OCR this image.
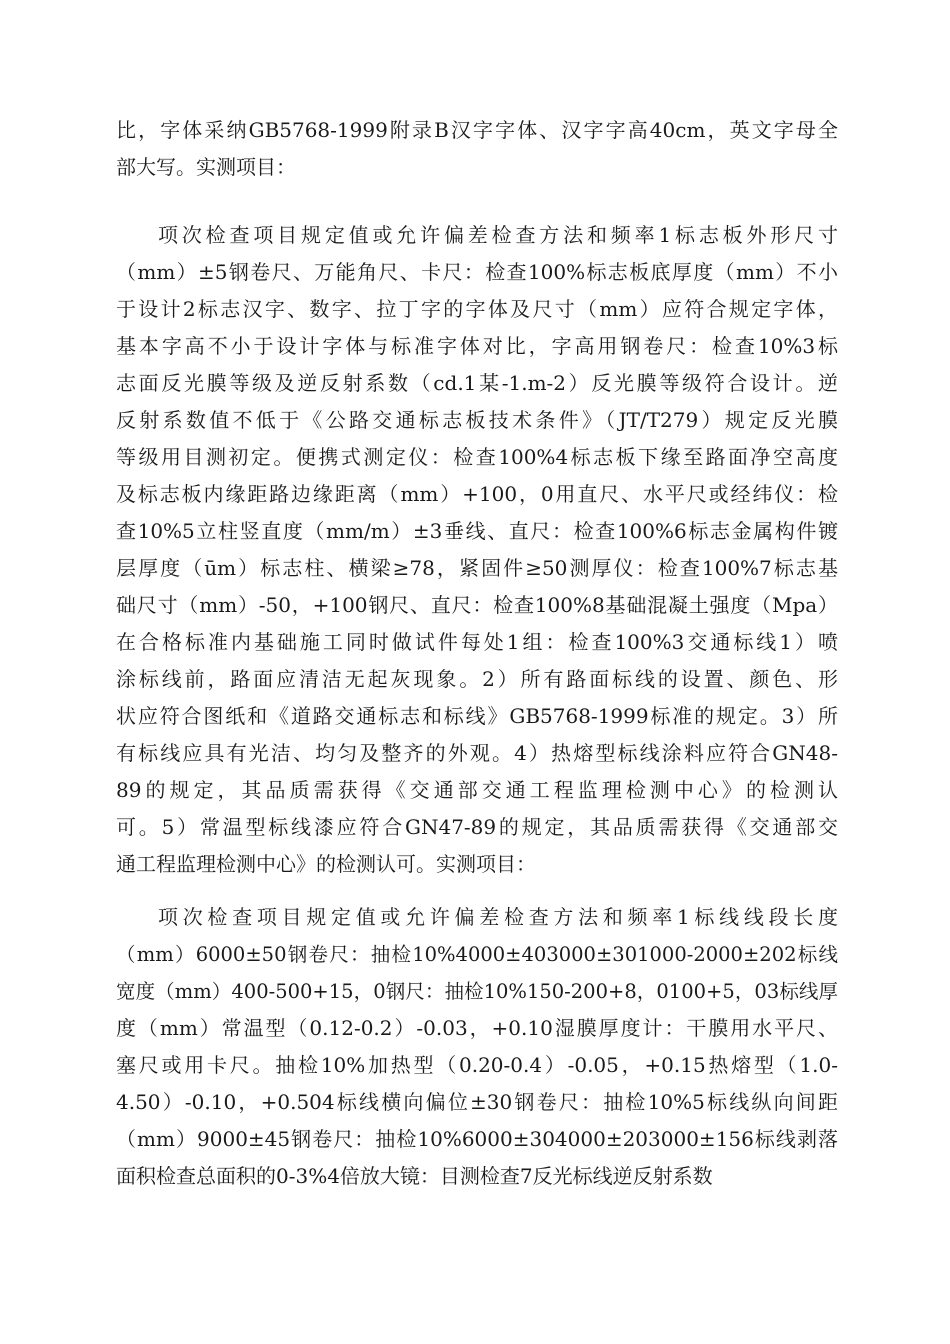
比，字体采纳GB5768-1999附录B汉字字体、汉字字高40cm，英文字母全
部大写。实测项目：
项次检查项目规定值或允许偏差检查方法和频率1标志板外形尺寸
（mm）±5钢卷尺、万能角尺、卡尺：检查100%标志板底厚度（mm）不小
于设计2标志汉字、数字、拉丁字的字体及尺寸（mm）应符合规定字体，
基本字高不小于设计字体与标准字体对比，字高用钢卷尺：检查10%3标
志面反光膜等级及逆反射系数（cd.1某-1.m-2）反光膜等级符合设计。逆
反射系数值不低于《公路交通标志板技术条件》（JT/T279）规定反光膜
等级用目测初定。便携式测定仪：检查100%4标志板下缘至路面净空高度
及标志板内缘距路边缘距离（mm）+100，0用直尺、水平尺或经纬仪：检
查10%5立柱竖直度（mm/m）±3垂线、直尺：检查100%6标志金属构件镀
层厚度（ūm）标志柱、横梁≥78，紧固件≥50测厚仪：检查100%7标志基
础尺寸（mm）-50，+100钢尺、直尺：检查100%8基础混凝土强度（Mpa）
在合格标准内基础施工同时做试件每处1组：检查100%3交通标线1）喷
涂标线前，路面应清洁无起灰现象。2）所有路面标线的设置、颜色、形
状应符合图纸和《道路交通标志和标线》GB5768-1999标准的规定。3）所
有标线应具有光洁、均匀及整齐的外观。4）热熔型标线涂料应符合GN48-
89的规定，其品质需获得《交通部交通工程监理检测中心》的检测认
可。5）常温型标线漆应符合GN47-89的规定，其品质需获得《交通部交
通工程监理检测中心》的检测认可。实测项目：
项次检查项目规定值或允许偏差检查方法和频率1标线线段长度
（mm）6000±50钢卷尺：抽检10%4000±403000±301000-2000±202标线
宽度（mm）400-500+15，0钢尺：抽检10%150-200+8，0100+5，03标线厚
度（mm）常温型（0.12-0.2）-0.03，+0.10湿膜厚度计：干膜用水平尺、
塞尺或用卡尺。抽检10%加热型（0.20-0.4）-0.05，+0.15热熔型（1.0-
4.50）-0.10，+0.504标线横向偏位±30钢卷尺：抽检10%5标线纵向间距
（mm）9000±45钢卷尺：抽检10%6000±304000±203000±156标线剥落
面积检查总面积的0-3%4倍放大镜：目测检查7反光标线逆反射系数
